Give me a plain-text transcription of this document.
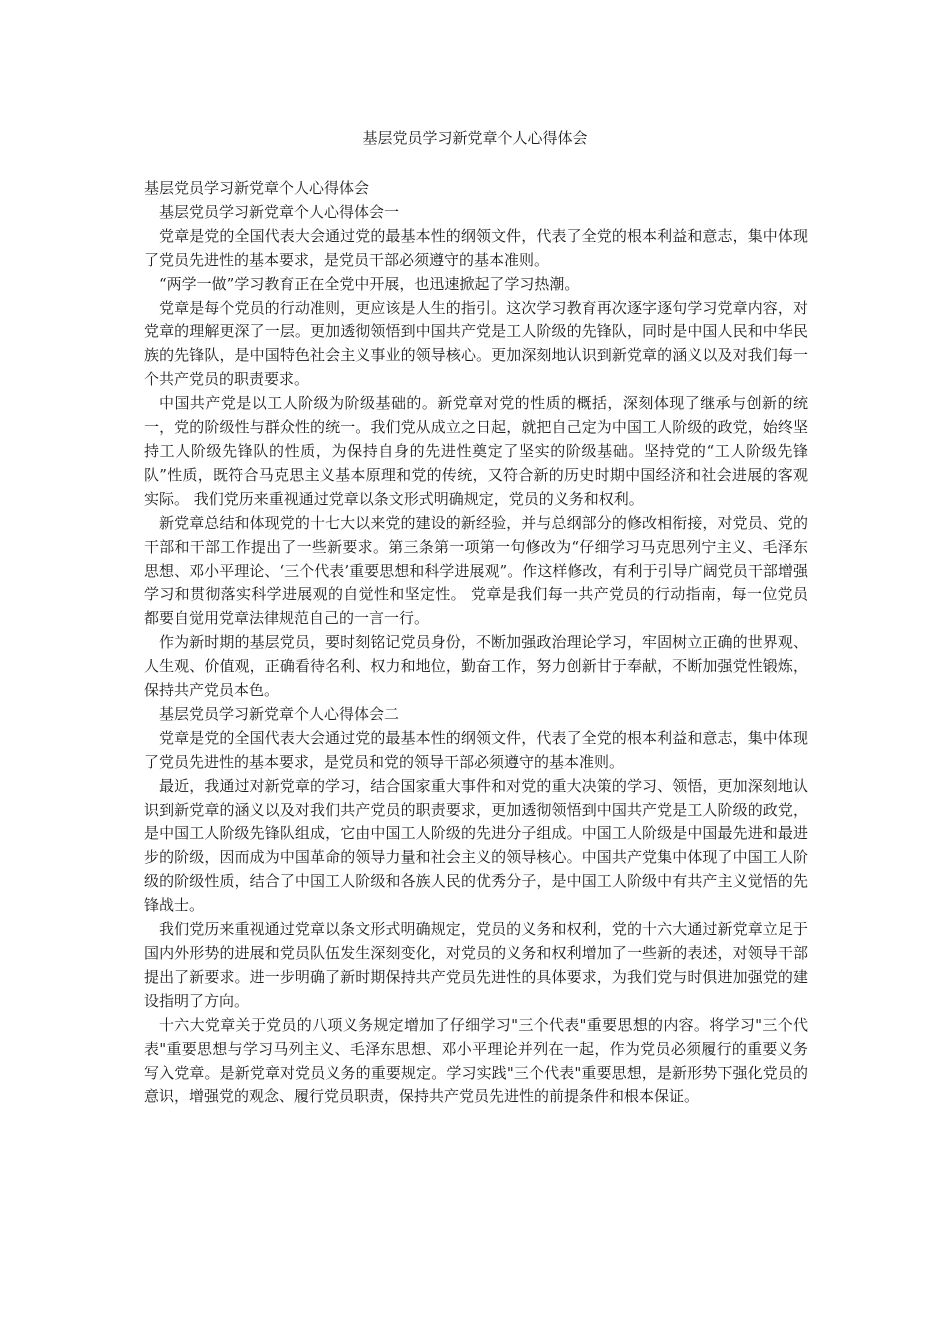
基层党员学习新党章个人心得体会

基层党员学习新党章个人心得体会

基层党员学习新党章个人心得体会一

党章是党的全国代表大会通过党的最基本性的纲领文件，代表了全党的根本利益和意志，集中体现了党员先进性的基本要求，是党员干部必须遵守的基本准则。

“两学一做”学习教育正在全党中开展，也迅速掀起了学习热潮。

党章是每个党员的行动准则，更应该是人生的指引。这次学习教育再次逐字逐句学习党章内容，对党章的理解更深了一层。更加透彻领悟到中国共产党是工人阶级的先锋队，同时是中国人民和中华民族的先锋队，是中国特色社会主义事业的领导核心。更加深刻地认识到新党章的涵义以及对我们每一个共产党员的职责要求。

中国共产党是以工人阶级为阶级基础的。新党章对党的性质的概括，深刻体现了继承与创新的统一，党的阶级性与群众性的统一。我们党从成立之日起，就把自己定为中国工人阶级的政党，始终坚持工人阶级先锋队的性质，为保持自身的先进性奠定了坚实的阶级基础。坚持党的“工人阶级先锋队”性质，既符合马克思主义基本原理和党的传统，又符合新的历史时期中国经济和社会进展的客观实际。 我们党历来重视通过党章以条文形式明确规定，党员的义务和权利。

新党章总结和体现党的十七大以来党的建设的新经验，并与总纲部分的修改相衔接，对党员、党的干部和干部工作提出了一些新要求。第三条第一项第一句修改为“仔细学习马克思列宁主义、毛泽东思想、邓小平理论、‘三个代表’重要思想和科学进展观”。作这样修改，有利于引导广阔党员干部增强学习和贯彻落实科学进展观的自觉性和坚定性。 党章是我们每一共产党员的行动指南，每一位党员都要自觉用党章法律规范自己的一言一行。

作为新时期的基层党员，要时刻铭记党员身份，不断加强政治理论学习，牢固树立正确的世界观、人生观、价值观，正确看待名利、权力和地位，勤奋工作，努力创新甘于奉献，不断加强党性锻炼，保持共产党员本色。

基层党员学习新党章个人心得体会二

党章是党的全国代表大会通过党的最基本性的纲领文件，代表了全党的根本利益和意志，集中体现了党员先进性的基本要求，是党员和党的领导干部必须遵守的基本准则。

最近，我通过对新党章的学习，结合国家重大事件和对党的重大决策的学习、领悟，更加深刻地认识到新党章的涵义以及对我们共产党员的职责要求，更加透彻领悟到中国共产党是工人阶级的政党，是中国工人阶级先锋队组成，它由中国工人阶级的先进分子组成。中国工人阶级是中国最先进和最进步的阶级，因而成为中国革命的领导力量和社会主义的领导核心。中国共产党集中体现了中国工人阶级的阶级性质，结合了中国工人阶级和各族人民的优秀分子，是中国工人阶级中有共产主义觉悟的先锋战士。

我们党历来重视通过党章以条文形式明确规定，党员的义务和权利，党的十六大通过新党章立足于国内外形势的进展和党员队伍发生深刻变化，对党员的义务和权利增加了一些新的表述，对领导干部提出了新要求。进一步明确了新时期保持共产党员先进性的具体要求，为我们党与时俱进加强党的建设指明了方向。

十六大党章关于党员的八项义务规定增加了仔细学习"三个代表"重要思想的内容。将学习"三个代表"重要思想与学习马列主义、毛泽东思想、邓小平理论并列在一起，作为党员必须履行的重要义务写入党章。是新党章对党员义务的重要规定。学习实践"三个代表"重要思想，是新形势下强化党员的意识，增强党的观念、履行党员职责，保持共产党员先进性的前提条件和根本保证。
